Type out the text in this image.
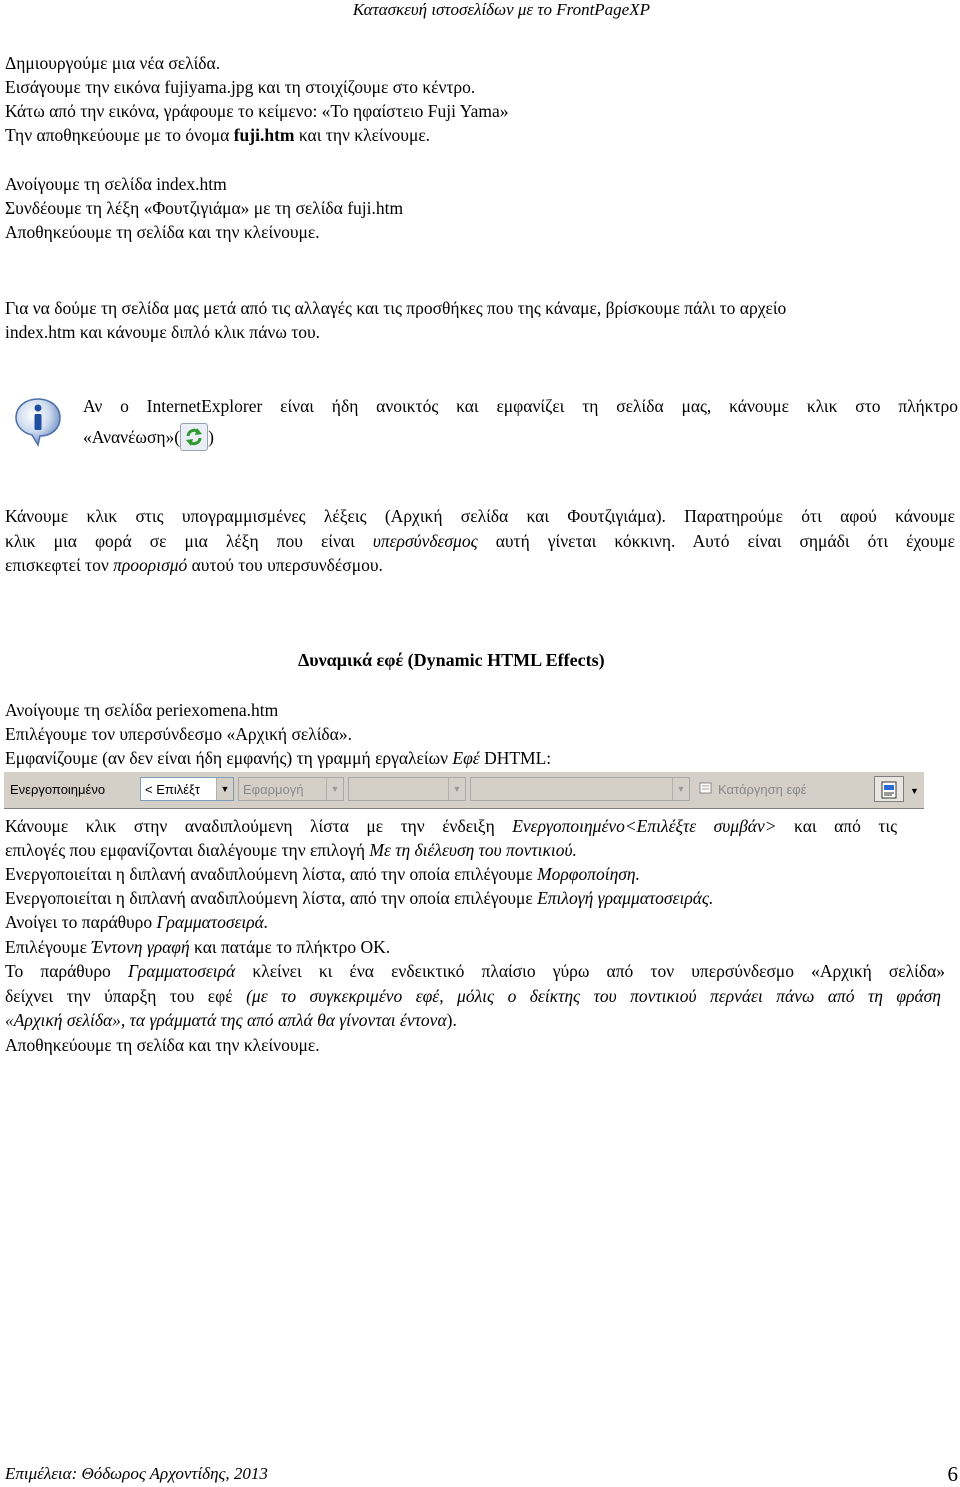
Κατασκευή ιστοσελίδων με το FrontPageXP
Δημιουργούμε μια νέα σελίδα.
Εισάγουμε την εικόνα fujiyama.jpg και τη στοιχίζουμε στο κέντρο.
Κάτω από την εικόνα, γράφουμε το κείμενο: «Το ηφαίστειο Fuji Yama»
Την αποθηκεύουμε με το όνομα fuji.htm και την κλείνουμε.
Ανοίγουμε τη σελίδα index.htm
Συνδέουμε τη λέξη «Φουτζιγιάμα» με τη σελίδα fuji.htm
Αποθηκεύουμε τη σελίδα και την κλείνουμε.
Για να δούμε τη σελίδα μας μετά από τις αλλαγές και τις προσθήκες που της κάναμε, βρίσκουμε πάλι το αρχείο
index.htm και κάνουμε διπλό κλικ πάνω του.
Αν ο InternetExplorer είναι ήδη ανοικτός και εμφανίζει τη σελίδα μας, κάνουμε κλικ στο πλήκτρο
«Ανανέωση»( )
Κάνουμε κλικ στις υπογραμμισμένες λέξεις (Αρχική σελίδα και Φουτζιγιάμα). Παρατηρούμε ότι αφού κάνουμε
κλικ μια φορά σε μια λέξη που είναι υπερσύνδεσμος αυτή γίνεται κόκκινη. Αυτό είναι σημάδι ότι έχουμε
επισκεφτεί τον προορισμό αυτού του υπερσυνδέσμου.
Δυναμικά εφέ (Dynamic HTML Effects)
Ανοίγουμε τη σελίδα periexomena.htm
Επιλέγουμε τον υπερσύνδεσμο «Αρχική σελίδα».
Εμφανίζουμε (αν δεν είναι ήδη εμφανής) τη γραμμή εργαλείων Εφέ DHTML:
Ενεργοποιημένο	< Επιλέξτ	▼ Εφαρμογή	▼	▼	▼	Κατάργηση εφέ	▼
Κάνουμε κλικ στην αναδιπλούμενη λίστα με την ένδειξη Ενεργοποιημένο<Επιλέξτε συμβάν> και από τις
επιλογές που εμφανίζονται διαλέγουμε την επιλογή Με τη διέλευση του ποντικιού.
Ενεργοποιείται η διπλανή αναδιπλούμενη λίστα, από την οποία επιλέγουμε Μορφοποίηση.
Ενεργοποιείται η διπλανή αναδιπλούμενη λίστα, από την οποία επιλέγουμε Επιλογή γραμματοσειράς.
Ανοίγει το παράθυρο Γραμματοσειρά.
Επιλέγουμε Έντονη γραφή και πατάμε το πλήκτρο ΟΚ.
Το παράθυρο Γραμματοσειρά κλείνει κι ένα ενδεικτικό πλαίσιο γύρω από τον υπερσύνδεσμο «Αρχική σελίδα»
δείχνει την ύπαρξη του εφέ (με το συγκεκριμένο εφέ, μόλις ο δείκτης του ποντικιού περνάει πάνω από τη φράση
«Αρχική σελίδα», τα γράμματά της από απλά θα γίνονται έντονα).
Αποθηκεύουμε τη σελίδα και την κλείνουμε.
Επιμέλεια: Θόδωρος Αρχοντίδης, 2013	6
